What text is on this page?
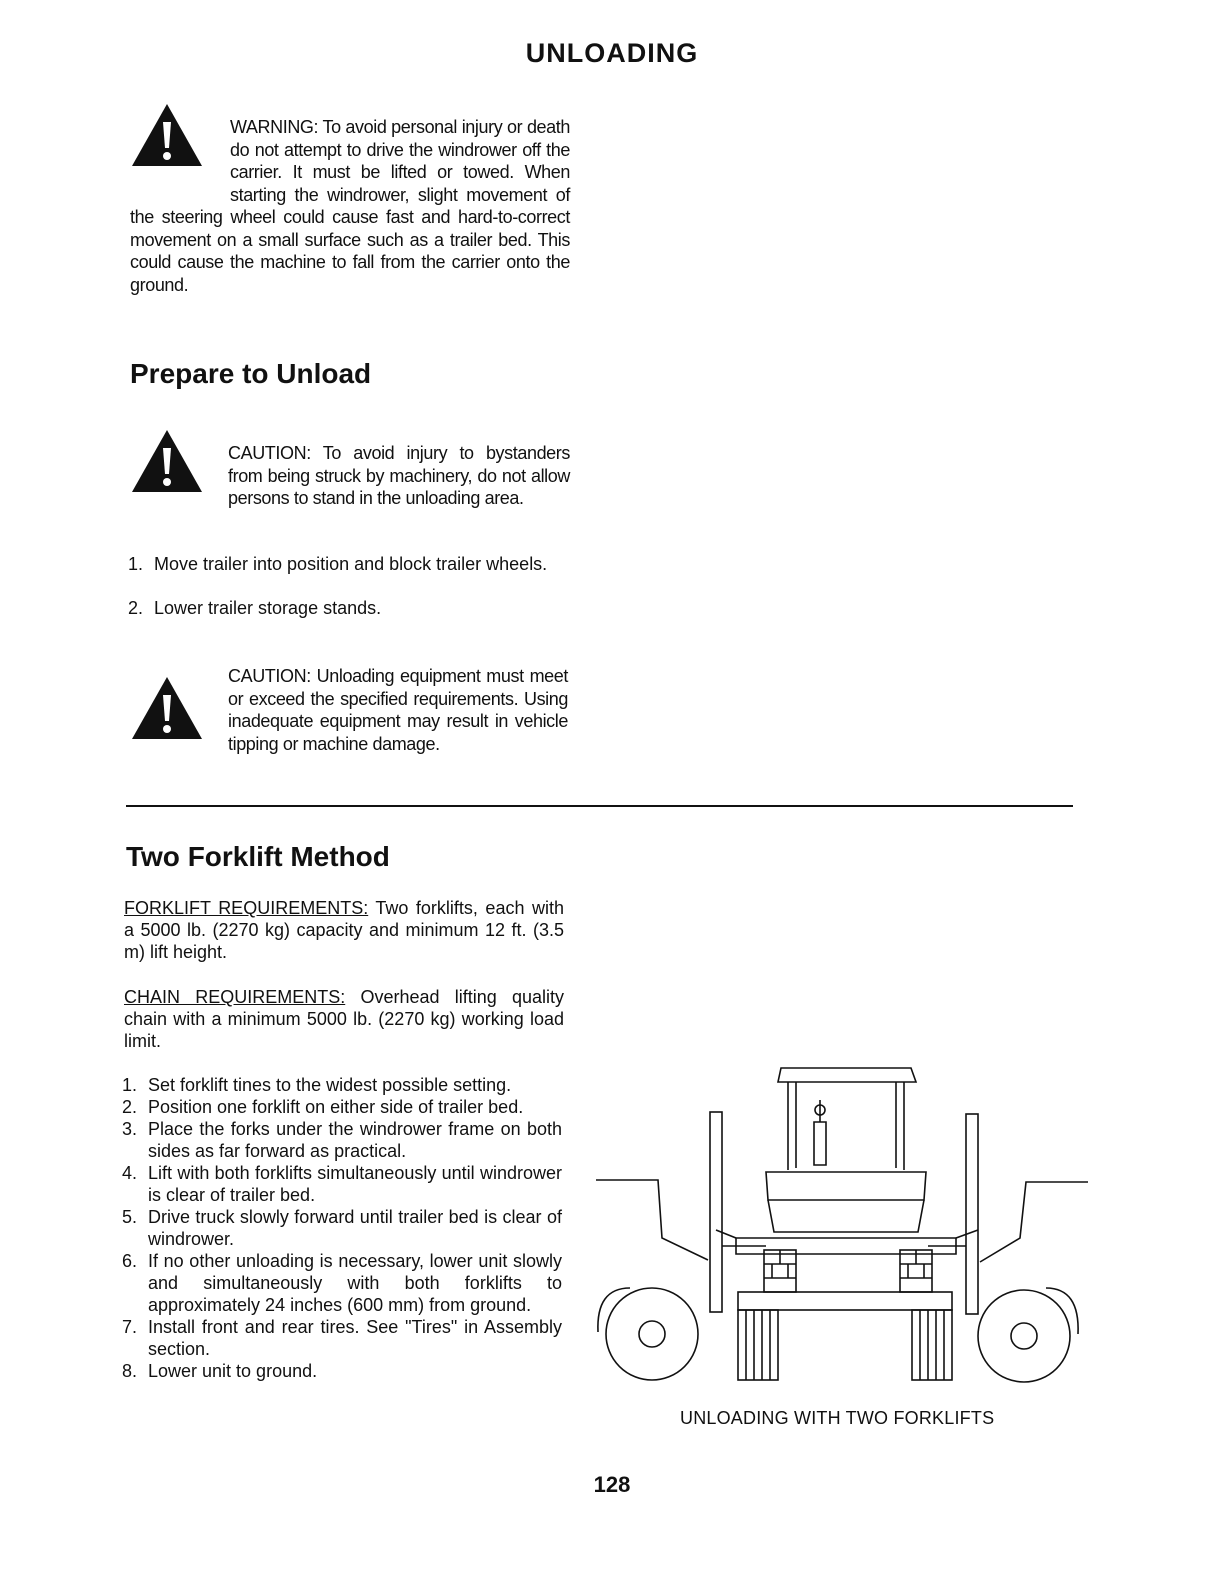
UNLOADING
WARNING: To avoid personal injury or death do not attempt to drive the windrower off the carrier. It must be lifted or towed. When starting the windrower, slight movement of the steering wheel could cause fast and hard-to-correct movement on a small surface such as a trailer bed. This could cause the machine to fall from the carrier onto the ground.
Prepare to Unload
CAUTION: To avoid injury to bystanders from being struck by machinery, do not allow persons to stand in the unloading area.
1. Move trailer into position and block trailer wheels.
2. Lower trailer storage stands.
CAUTION: Unloading equipment must meet or exceed the specified requirements. Using inadequate equipment may result in vehicle tipping or machine damage.
Two Forklift Method
FORKLIFT REQUIREMENTS: Two forklifts, each with a 5000 lb. (2270 kg) capacity and minimum 12 ft. (3.5 m) lift height.
CHAIN REQUIREMENTS: Overhead lifting quality chain with a minimum 5000 lb. (2270 kg) working load limit.
1. Set forklift tines to the widest possible setting.
2. Position one forklift on either side of trailer bed.
3. Place the forks under the windrower frame on both sides as far forward as practical.
4. Lift with both forklifts simultaneously until windrower is clear of trailer bed.
5. Drive truck slowly forward until trailer bed is clear of windrower.
6. If no other unloading is necessary, lower unit slowly and simultaneously with both forklifts to approximately 24 inches (600 mm) from ground.
7. Install front and rear tires. See "Tires" in Assembly section.
8. Lower unit to ground.
UNLOADING WITH TWO FORKLIFTS
128
